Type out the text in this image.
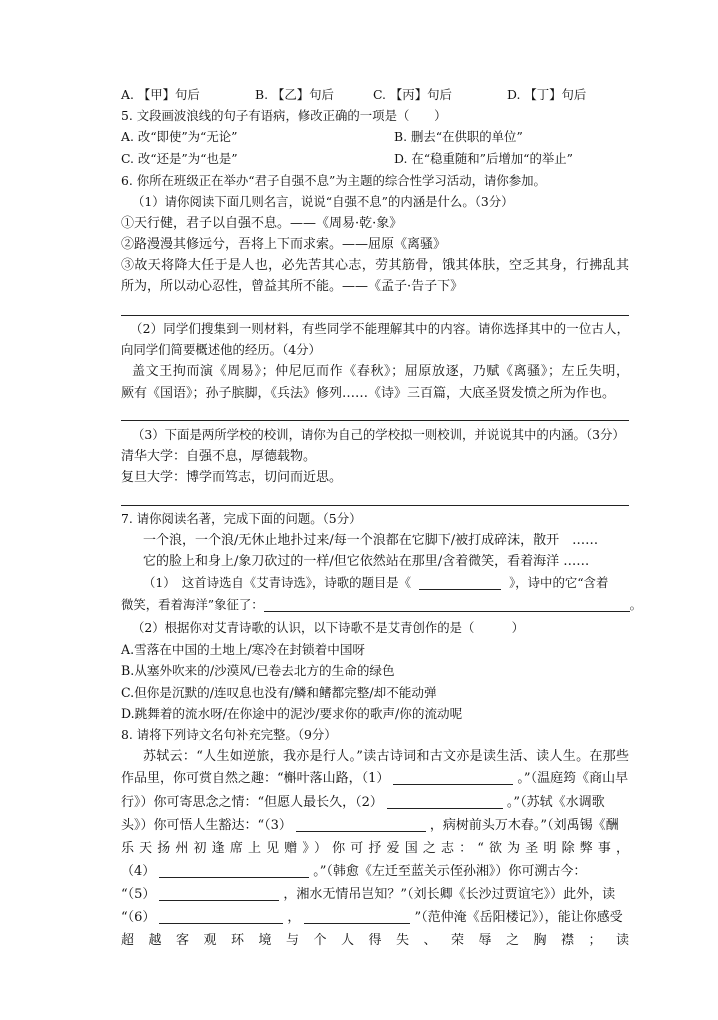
A. 【甲】句后	B. 【乙】句后	C. 【丙】句后	D. 【丁】句后
5. 文段画波浪线的句子有语病，修改正确的一项是（　　）
A. 改“即使”为“无论”	B. 删去“在供职的单位”
C. 改“还是”为“也是”	D. 在“稳重随和”后增加“的举止”
6. 你所在班级正在举办“君子自强不息”为主题的综合性学习活动，请你参加。
（1）请你阅读下面几则名言，说说“自强不息”的内涵是什么。（3分）
①天行健，君子以自强不息。——《周易·乾·象》
②路漫漫其修远兮，吾将上下而求索。——屈原《离骚》
③故天将降大任于是人也，必先苦其心志，劳其筋骨，饿其体肤，空乏其身，行拂乱其
所为，所以动心忍性，曾益其所不能。——《孟子·告子下》
（2）同学们搜集到一则材料，有些同学不能理解其中的内容。请你选择其中的一位古人，
向同学们简要概述他的经历。（4分）
盖文王拘而演《周易》；仲尼厄而作《春秋》；屈原放逐，乃赋《离骚》；左丘失明，
厥有《国语》；孙子膑脚，《兵法》修列……《诗》三百篇，大底圣贤发愤之所为作也。
（3）下面是两所学校的校训，请你为自己的学校拟一则校训，并说说其中的内涵。（3分）
清华大学：自强不息，厚德载物。
复旦大学：博学而笃志，切问而近思。
7. 请你阅读名著，完成下面的问题。（5分）
一个浪，一个浪/无休止地扑过来/每一个浪都在它脚下/被打成碎沫，散开　……
它的脸上和身上/象刀砍过的一样/但它依然站在那里/含着微笑，看着海洋 ……
（1）　这首诗选自《艾青诗选》，诗歌的题目是《	》，诗中的它“含着
微笑，看着海洋”象征了：	。
（2）根据你对艾青诗歌的认识，以下诗歌不是艾青创作的是（　　　）
A.雪落在中国的土地上/寒冷在封锁着中国呀
B.从塞外吹来的/沙漠风/已卷去北方的生命的绿色
C.但你是沉默的/连叹息也没有/鳞和鳍都完整/却不能动弹
D.跳舞着的流水呀/在你途中的泥沙/要求你的歌声/你的流动呢
8. 请将下列诗文名句补充完整。（9分）
苏轼云：“人生如逆旅，我亦是行人。”读古诗词和古文亦是读生活、读人生。在那些
作品里，你可赏自然之趣：“槲叶落山路，（1）	。”（温庭筠《商山早
行》）你可寄思念之情：“但愿人最长久，（2）	。”（苏轼《水调歌
头》）你可悟人生豁达：“（3）	，病树前头万木春。”（刘禹锡《酬
乐天扬州初逢席上见赠》）你可抒爱国之志：“欲为圣明除弊事，
（4）	。”（韩愈《左迁至蓝关示侄孙湘》）你可溯古今：
“（5）	，湘水无情吊岂知？”（刘长卿《长沙过贾谊宅》）此外，读
“（6）	，	”（范仲淹《岳阳楼记》），能让你感受
超越客观环境与个人得失、荣辱之胸襟；读
